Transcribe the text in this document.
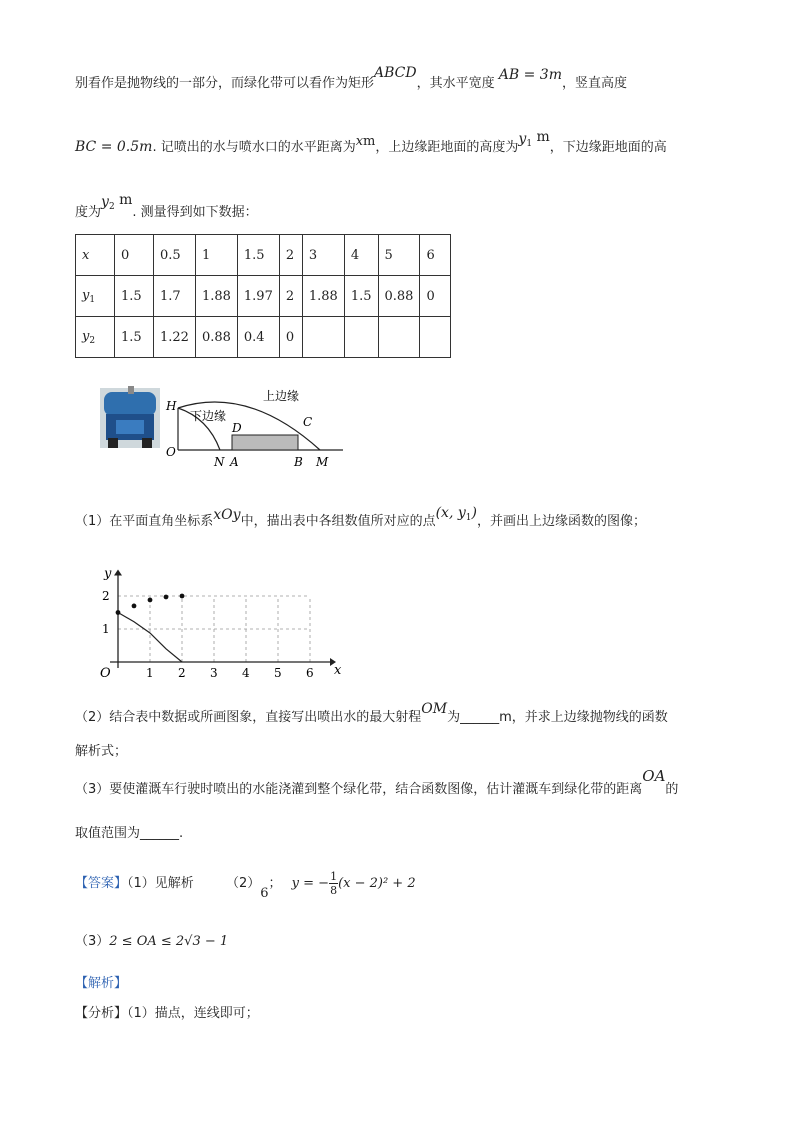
别看作是抛物线的一部分，而绿化带可以看作为矩形ABCD，其水平宽度 AB = 3m，竖直高度
BC = 0.5m. 记喷出的水与喷水口的水平距离为xm，上边缘距地面的高度为$y^1$ m，下边缘距地面的高
度为$y^2$ m. 测量得到如下数据：
x	0	0.5	1	1.5	2	3	4	5	6
$y_1$	1.5	1.7	1.88	1.97	2	1.88	1.5	0.88	0
$y_2$	1.5	1.22	0.88	0.4	0				
上边缘
下边缘
H
O
D	C
N A	B M
（1）在平面直角坐标系xOy中，描出表中各组数值所对应的点(x, $y^1$)，并画出上边缘函数的图像；
1 2 3 4 5 6
1
2
x
y
O
（2）结合表中数据或所画图象，直接写出喷出水的最大射程OM为______m，并求上边缘抛物线的函数
解析式；
（3）要使灌溉车行驶时喷出的水能浇灌到整个绿化带，结合函数图像，估计灌溉车到绿化带的距离OA的
取值范围为______.
【答案】（1）见解析 （2）6； y = − $\frac{1}{8} (x - 2)^2 + 2$
（3）2 ≤ OA ≤ 2√3 − 1
【解析】
【分析】（1）描点，连线即可；
